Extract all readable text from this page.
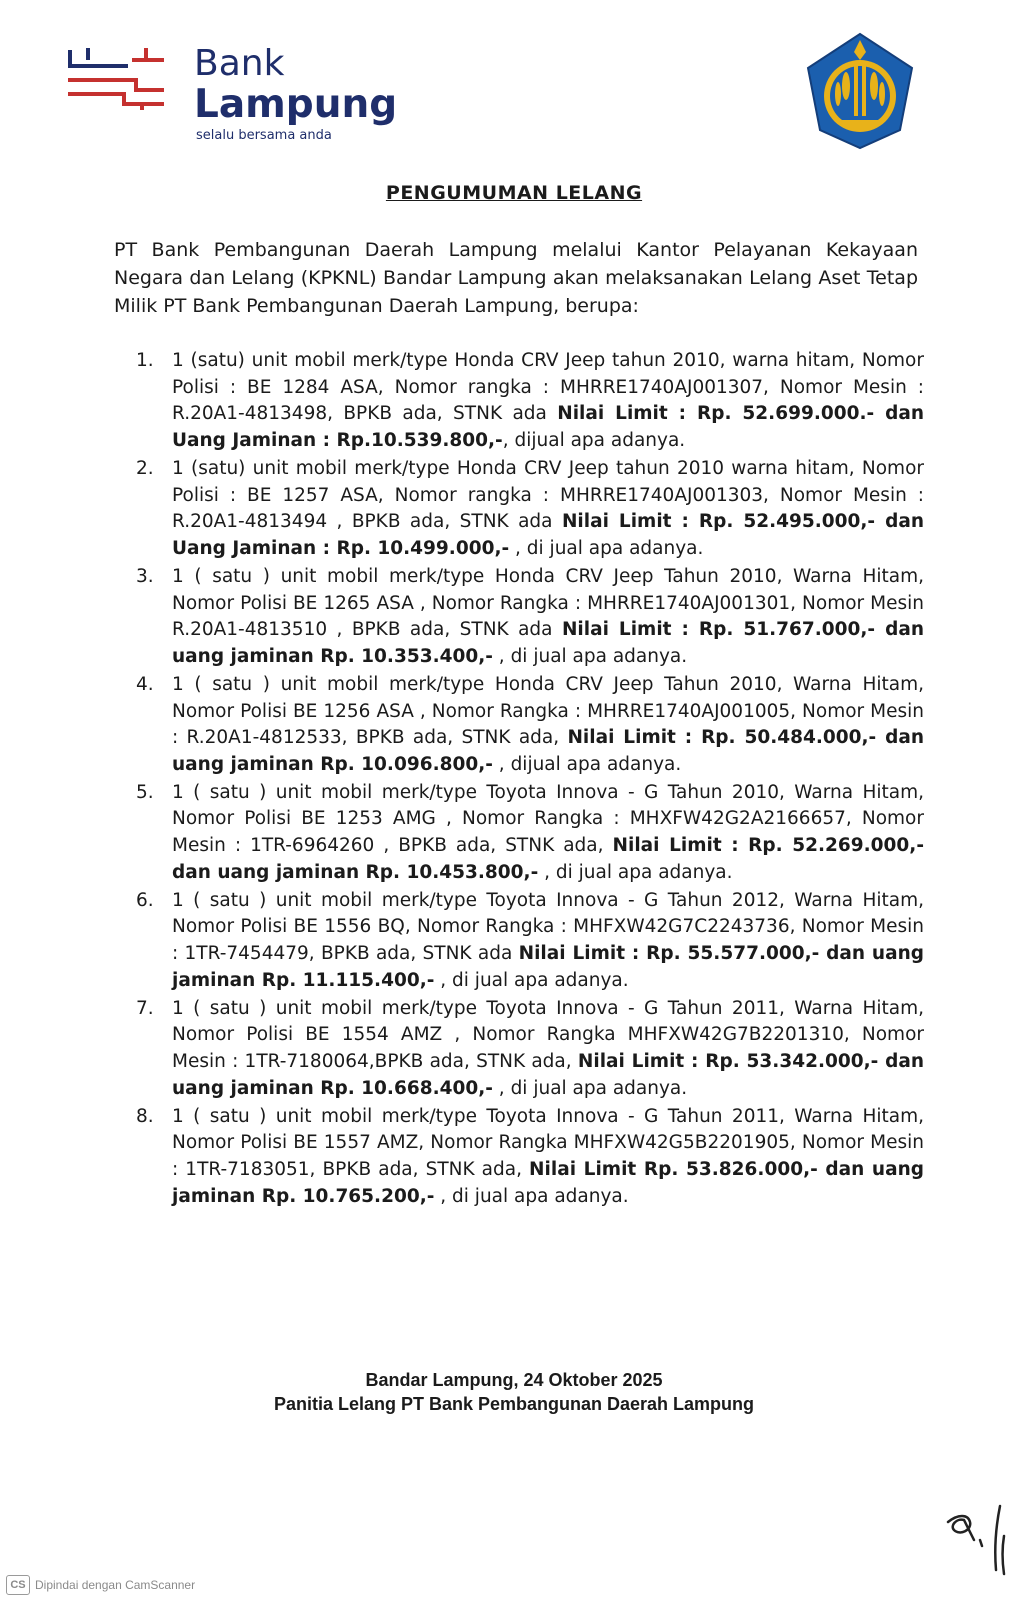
Bank
Lampung
selalu bersama anda
PENGUMUMAN LELANG
PT Bank Pembangunan Daerah Lampung melalui Kantor Pelayanan Kekayaan Negara dan Lelang (KPKNL) Bandar Lampung akan melaksanakan Lelang Aset Tetap Milik PT Bank Pembangunan Daerah Lampung, berupa:
1. 1 (satu) unit mobil merk/type Honda CRV Jeep tahun 2010, warna hitam, Nomor Polisi : BE 1284 ASA, Nomor rangka : MHRRE1740AJ001307, Nomor Mesin : R.20A1-4813498, BPKB ada, STNK ada Nilai Limit : Rp. 52.699.000.- dan Uang Jaminan : Rp.10.539.800,-, dijual apa adanya.
2. 1 (satu) unit mobil merk/type Honda CRV Jeep tahun 2010 warna hitam, Nomor Polisi : BE 1257 ASA, Nomor rangka : MHRRE1740AJ001303, Nomor Mesin : R.20A1-4813494 , BPKB ada, STNK ada Nilai Limit : Rp. 52.495.000,- dan Uang Jaminan : Rp. 10.499.000,- , di jual apa adanya.
3. 1 ( satu ) unit mobil merk/type Honda CRV Jeep Tahun 2010, Warna Hitam, Nomor Polisi BE 1265 ASA , Nomor Rangka : MHRRE1740AJ001301, Nomor Mesin R.20A1-4813510 , BPKB ada, STNK ada Nilai Limit : Rp. 51.767.000,- dan uang jaminan Rp. 10.353.400,- , di jual apa adanya.
4. 1 ( satu ) unit mobil merk/type Honda CRV Jeep Tahun 2010, Warna Hitam, Nomor Polisi BE 1256 ASA , Nomor Rangka : MHRRE1740AJ001005, Nomor Mesin : R.20A1-4812533, BPKB ada, STNK ada, Nilai Limit : Rp. 50.484.000,- dan uang jaminan Rp. 10.096.800,- , dijual apa adanya.
5. 1 ( satu ) unit mobil merk/type Toyota Innova - G Tahun 2010, Warna Hitam, Nomor Polisi BE 1253 AMG , Nomor Rangka : MHXFW42G2A2166657, Nomor Mesin : 1TR-6964260 , BPKB ada, STNK ada, Nilai Limit : Rp. 52.269.000,- dan uang jaminan Rp. 10.453.800,- , di jual apa adanya.
6. 1 ( satu ) unit mobil merk/type Toyota Innova - G Tahun 2012, Warna Hitam, Nomor Polisi BE 1556 BQ, Nomor Rangka : MHFXW42G7C2243736, Nomor Mesin : 1TR-7454479, BPKB ada, STNK ada Nilai Limit : Rp. 55.577.000,- dan uang jaminan Rp. 11.115.400,- , di jual apa adanya.
7. 1 ( satu ) unit mobil merk/type Toyota Innova - G Tahun 2011, Warna Hitam, Nomor Polisi BE 1554 AMZ , Nomor Rangka MHFXW42G7B2201310, Nomor Mesin : 1TR-7180064,BPKB ada, STNK ada, Nilai Limit : Rp. 53.342.000,- dan uang jaminan Rp. 10.668.400,- , di jual apa adanya.
8. 1 ( satu ) unit mobil merk/type Toyota Innova - G Tahun 2011, Warna Hitam, Nomor Polisi BE 1557 AMZ, Nomor Rangka MHFXW42G5B2201905, Nomor Mesin : 1TR-7183051, BPKB ada, STNK ada, Nilai Limit Rp. 53.826.000,- dan uang jaminan Rp. 10.765.200,- , di jual apa adanya.
Bandar Lampung, 24 Oktober 2025
Panitia Lelang PT Bank Pembangunan Daerah Lampung
CS Dipindai dengan CamScanner
